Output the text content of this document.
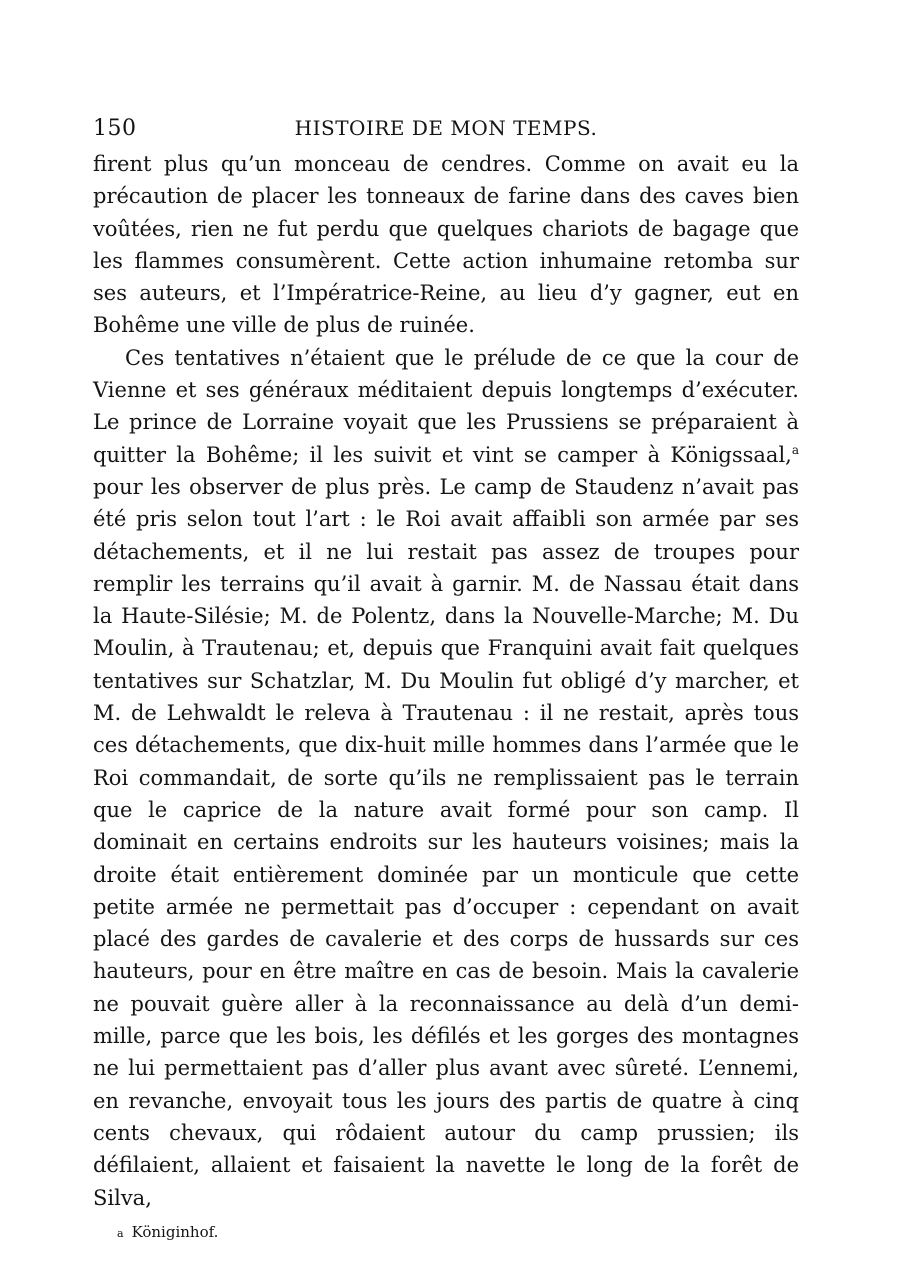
150	HISTOIRE DE MON TEMPS.

firent plus qu’un monceau de cendres. Comme on avait eu la précaution de placer les tonneaux de farine dans des caves bien voûtées, rien ne fut perdu que quelques chariots de bagage que les flammes consumèrent. Cette action inhumaine retomba sur ses auteurs, et l’Impératrice-Reine, au lieu d’y gagner, eut en Bohême une ville de plus de ruinée.

Ces tentatives n’étaient que le prélude de ce que la cour de Vienne et ses généraux méditaient depuis longtemps d’exécuter. Le prince de Lorraine voyait que les Prussiens se préparaient à quitter la Bohême; il les suivit et vint se camper à Königssaal,$^a$ pour les observer de plus près. Le camp de Staudenz n’avait pas été pris selon tout l’art : le Roi avait affaibli son armée par ses détachements, et il ne lui restait pas assez de troupes pour remplir les terrains qu’il avait à garnir. M. de Nassau était dans la Haute-Silésie; M. de Polentz, dans la Nouvelle-Marche; M. Du Moulin, à Trautenau; et, depuis que Franquini avait fait quelques tentatives sur Schatzlar, M. Du Moulin fut obligé d’y marcher, et M. de Lehwaldt le releva à Trautenau : il ne restait, après tous ces détachements, que dix-huit mille hommes dans l’armée que le Roi commandait, de sorte qu’ils ne remplissaient pas le terrain que le caprice de la nature avait formé pour son camp. Il dominait en certains endroits sur les hauteurs voisines; mais la droite était entièrement dominée par un monticule que cette petite armée ne permettait pas d’occuper : cependant on avait placé des gardes de cavalerie et des corps de hussards sur ces hauteurs, pour en être maître en cas de besoin. Mais la cavalerie ne pouvait guère aller à la reconnaissance au delà d’un demi-mille, parce que les bois, les défilés et les gorges des montagnes ne lui permettaient pas d’aller plus avant avec sûreté. L’ennemi, en revanche, envoyait tous les jours des partis de quatre à cinq cents chevaux, qui rôdaient autour du camp prussien; ils défilaient, allaient et faisaient la navette le long de la forêt de Silva,

a Königinhof.
